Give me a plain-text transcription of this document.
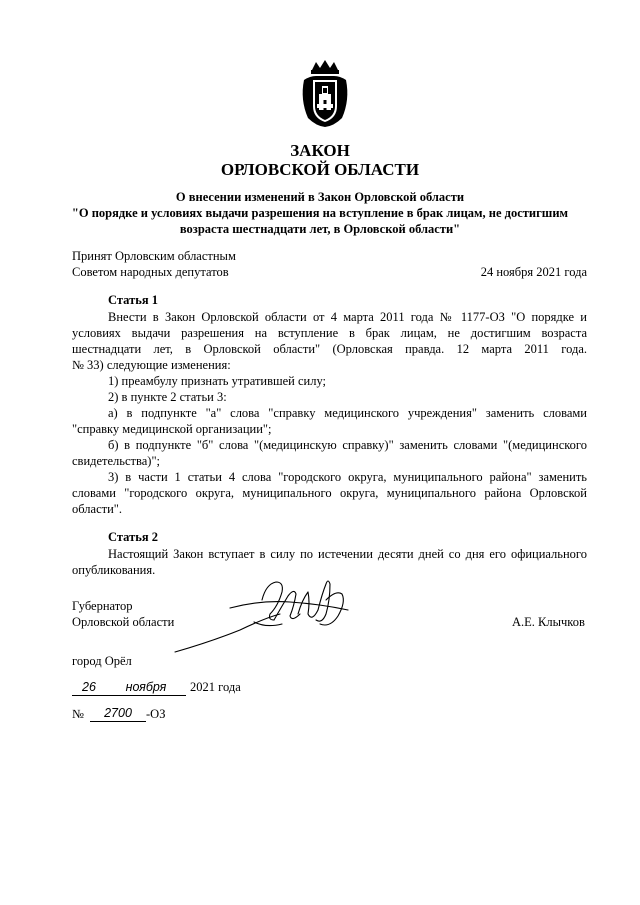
ЗАКОН
ОРЛОВСКОЙ ОБЛАСТИ
О внесении изменений в Закон Орловской области
"О порядке и условиях выдачи разрешения на вступление в брак лицам, не достигшим
возраста шестнадцати лет, в Орловской области"
Принят Орловским областным
Советом народных депутатов	24 ноября 2021 года
Статья 1
Внести в Закон Орловской области от 4 марта 2011 года № 1177-ОЗ "О порядке и
условиях выдачи разрешения на вступление в брак лицам, не достигшим возраста
шестнадцати лет, в Орловской области" (Орловская правда. 12 марта 2011 года.
№ 33) следующие изменения:
1) преамбулу признать утратившей силу;
2) в пункте 2 статьи 3:
а) в подпункте "а" слова "справку медицинского учреждения" заменить словами
"справку медицинской организации";
б) в подпункте "б" слова "(медицинскую справку)" заменить словами "(медицинского
свидетельства)";
3) в части 1 статьи 4 слова "городского округа, муниципального района" заменить
словами "городского округа, муниципального округа, муниципального района Орловской
области".
Статья 2
Настоящий Закон вступает в силу по истечении десяти дней со дня его официального
опубликования.
Губернатор
Орловской области	А.Е. Клычков
город Орёл
26	ноября	2021 года
№	2700	-ОЗ
